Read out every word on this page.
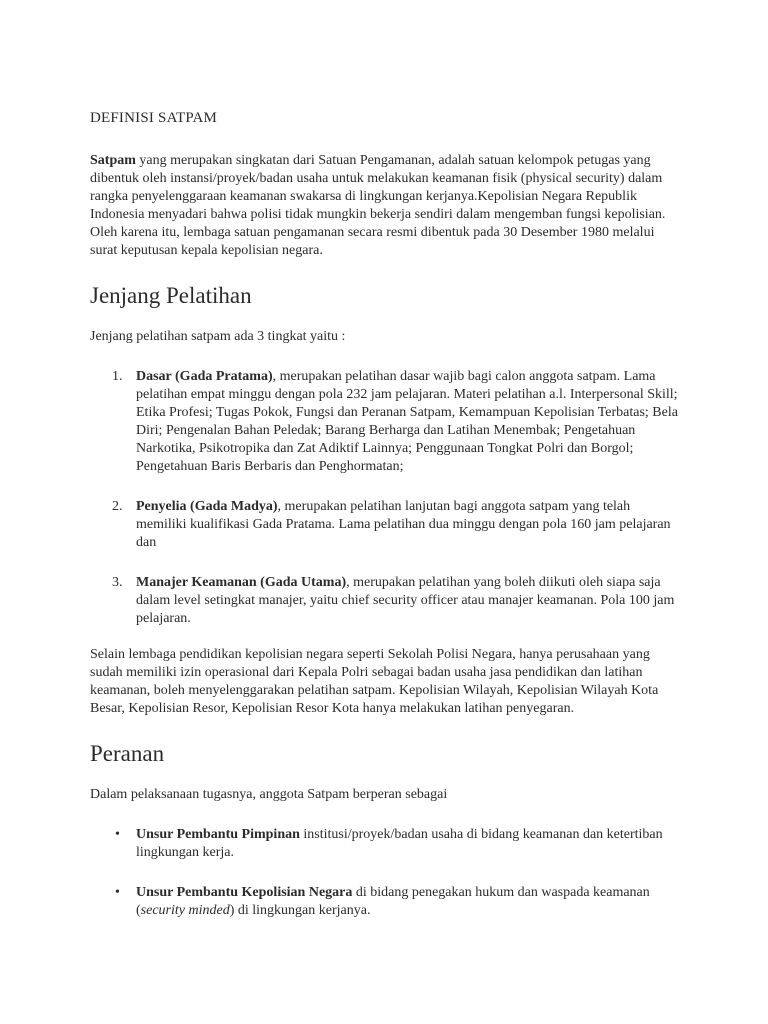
DEFINISI SATPAM

Satpam yang merupakan singkatan dari Satuan Pengamanan, adalah satuan kelompok petugas yang dibentuk oleh instansi/proyek/badan usaha untuk melakukan keamanan fisik (physical security) dalam rangka penyelenggaraan keamanan swakarsa di lingkungan kerjanya.Kepolisian Negara Republik Indonesia menyadari bahwa polisi tidak mungkin bekerja sendiri dalam mengemban fungsi kepolisian. Oleh karena itu, lembaga satuan pengamanan secara resmi dibentuk pada 30 Desember 1980 melalui surat keputusan kepala kepolisian negara.

Jenjang Pelatihan

Jenjang pelatihan satpam ada 3 tingkat yaitu :

1. Dasar (Gada Pratama), merupakan pelatihan dasar wajib bagi calon anggota satpam. Lama pelatihan empat minggu dengan pola 232 jam pelajaran. Materi pelatihan a.l. Interpersonal Skill; Etika Profesi; Tugas Pokok, Fungsi dan Peranan Satpam, Kemampuan Kepolisian Terbatas; Bela Diri; Pengenalan Bahan Peledak; Barang Berharga dan Latihan Menembak; Pengetahuan Narkotika, Psikotropika dan Zat Adiktif Lainnya; Penggunaan Tongkat Polri dan Borgol; Pengetahuan Baris Berbaris dan Penghormatan;
2. Penyelia (Gada Madya), merupakan pelatihan lanjutan bagi anggota satpam yang telah memiliki kualifikasi Gada Pratama. Lama pelatihan dua minggu dengan pola 160 jam pelajaran dan
3. Manajer Keamanan (Gada Utama), merupakan pelatihan yang boleh diikuti oleh siapa saja dalam level setingkat manajer, yaitu chief security officer atau manajer keamanan. Pola 100 jam pelajaran.

Selain lembaga pendidikan kepolisian negara seperti Sekolah Polisi Negara, hanya perusahaan yang sudah memiliki izin operasional dari Kepala Polri sebagai badan usaha jasa pendidikan dan latihan keamanan, boleh menyelenggarakan pelatihan satpam. Kepolisian Wilayah, Kepolisian Wilayah Kota Besar, Kepolisian Resor, Kepolisian Resor Kota hanya melakukan latihan penyegaran.

Peranan

Dalam pelaksanaan tugasnya, anggota Satpam berperan sebagai

• Unsur Pembantu Pimpinan institusi/proyek/badan usaha di bidang keamanan dan ketertiban lingkungan kerja.
• Unsur Pembantu Kepolisian Negara di bidang penegakan hukum dan waspada keamanan (security minded) di lingkungan kerjanya.
